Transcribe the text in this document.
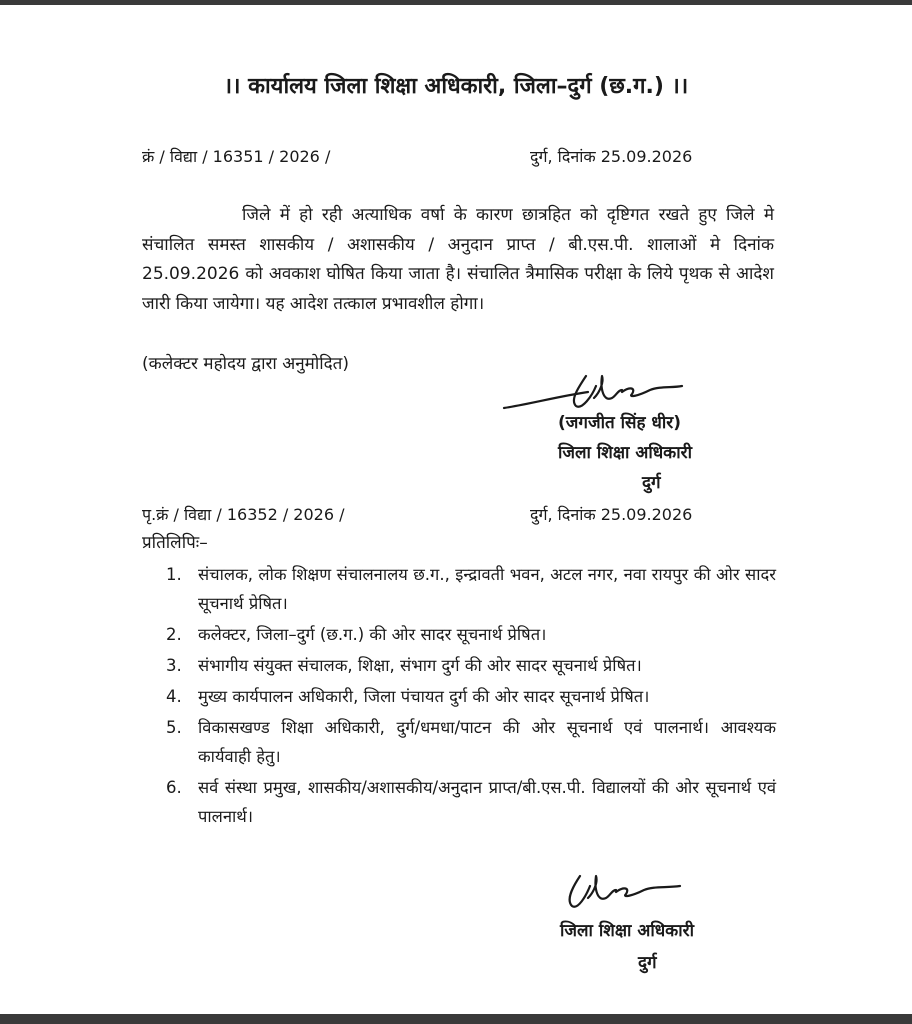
।। कार्यालय जिला शिक्षा अधिकारी, जिला–दुर्ग (छ.ग.) ।।
क्रं / विद्या / 16351 / 2026 /	दुर्ग, दिनांक 25.09.2026
जिले में हो रही अत्याधिक वर्षा के कारण छात्रहित को दृष्टिगत रखते हुए जिले मे संचालित समस्त शासकीय / अशासकीय / अनुदान प्राप्त / बी.एस.पी. शालाओं मे दिनांक 25.09.2026 को अवकाश घोषित किया जाता है। संचालित त्रैमासिक परीक्षा के लिये पृथक से आदेश जारी किया जायेगा। यह आदेश तत्काल प्रभावशील होगा।
(कलेक्टर महोदय द्वारा अनुमोदित)
(जगजीत सिंह धीर)
जिला शिक्षा अधिकारी
दुर्ग
पृ.क्रं / विद्या / 16352 / 2026 /	दुर्ग, दिनांक 25.09.2026
प्रतिलिपिः–
1. संचालक, लोक शिक्षण संचालनालय छ.ग., इन्द्रावती भवन, अटल नगर, नवा रायपुर की ओर सादर सूचनार्थ प्रेषित।
2. कलेक्टर, जिला–दुर्ग (छ.ग.) की ओर सादर सूचनार्थ प्रेषित।
3. संभागीय संयुक्त संचालक, शिक्षा, संभाग दुर्ग की ओर सादर सूचनार्थ प्रेषित।
4. मुख्य कार्यपालन अधिकारी, जिला पंचायत दुर्ग की ओर सादर सूचनार्थ प्रेषित।
5. विकासखण्ड शिक्षा अधिकारी, दुर्ग/धमधा/पाटन की ओर सूचनार्थ एवं पालनार्थ। आवश्यक कार्यवाही हेतु।
6. सर्व संस्था प्रमुख, शासकीय/अशासकीय/अनुदान प्राप्त/बी.एस.पी. विद्यालयों की ओर सूचनार्थ एवं पालनार्थ।
जिला शिक्षा अधिकारी
दुर्ग
